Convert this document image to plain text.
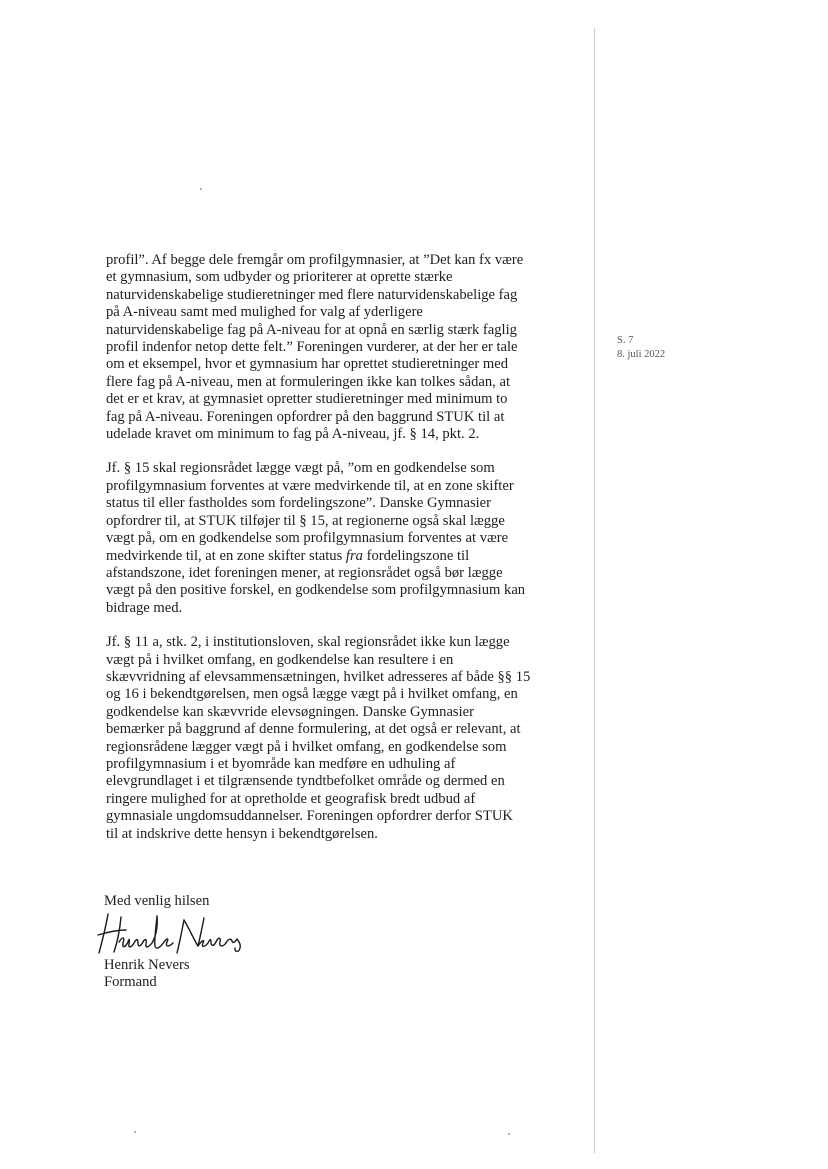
S. 7
8. juli 2022
profil”. Af begge dele fremgår om profilgymnasier, at ”Det kan fx være
et gymnasium, som udbyder og prioriterer at oprette stærke
naturvidenskabelige studieretninger med flere naturvidenskabelige fag
på A-niveau samt med mulighed for valg af yderligere
naturvidenskabelige fag på A-niveau for at opnå en særlig stærk faglig
profil indenfor netop dette felt.” Foreningen vurderer, at der her er tale
om et eksempel, hvor et gymnasium har oprettet studieretninger med
flere fag på A-niveau, men at formuleringen ikke kan tolkes sådan, at
det er et krav, at gymnasiet opretter studieretninger med minimum to
fag på A-niveau. Foreningen opfordrer på den baggrund STUK til at
udelade kravet om minimum to fag på A-niveau, jf. § 14, pkt. 2.
Jf. § 15 skal regionsrådet lægge vægt på, ”om en godkendelse som
profilgymnasium forventes at være medvirkende til, at en zone skifter
status til eller fastholdes som fordelingszone”. Danske Gymnasier
opfordrer til, at STUK tilføjer til § 15, at regionerne også skal lægge
vægt på, om en godkendelse som profilgymnasium forventes at være
medvirkende til, at en zone skifter status fra fordelingszone til
afstandszone, idet foreningen mener, at regionsrådet også bør lægge
vægt på den positive forskel, en godkendelse som profilgymnasium kan
bidrage med.
Jf. § 11 a, stk. 2, i institutionsloven, skal regionsrådet ikke kun lægge
vægt på i hvilket omfang, en godkendelse kan resultere i en
skævvridning af elevsammensætningen, hvilket adresseres af både §§ 15
og 16 i bekendtgørelsen, men også lægge vægt på i hvilket omfang, en
godkendelse kan skævvride elevsøgningen. Danske Gymnasier
bemærker på baggrund af denne formulering, at det også er relevant, at
regionsrådene lægger vægt på i hvilket omfang, en godkendelse som
profilgymnasium i et byområde kan medføre en udhuling af
elevgrundlaget i et tilgrænsende tyndtbefolket område og dermed en
ringere mulighed for at opretholde et geografisk bredt udbud af
gymnasiale ungdomsuddannelser. Foreningen opfordrer derfor STUK
til at indskrive dette hensyn i bekendtgørelsen.
Med venlig hilsen
Henrik Nevers
Henrik Nevers
Formand
